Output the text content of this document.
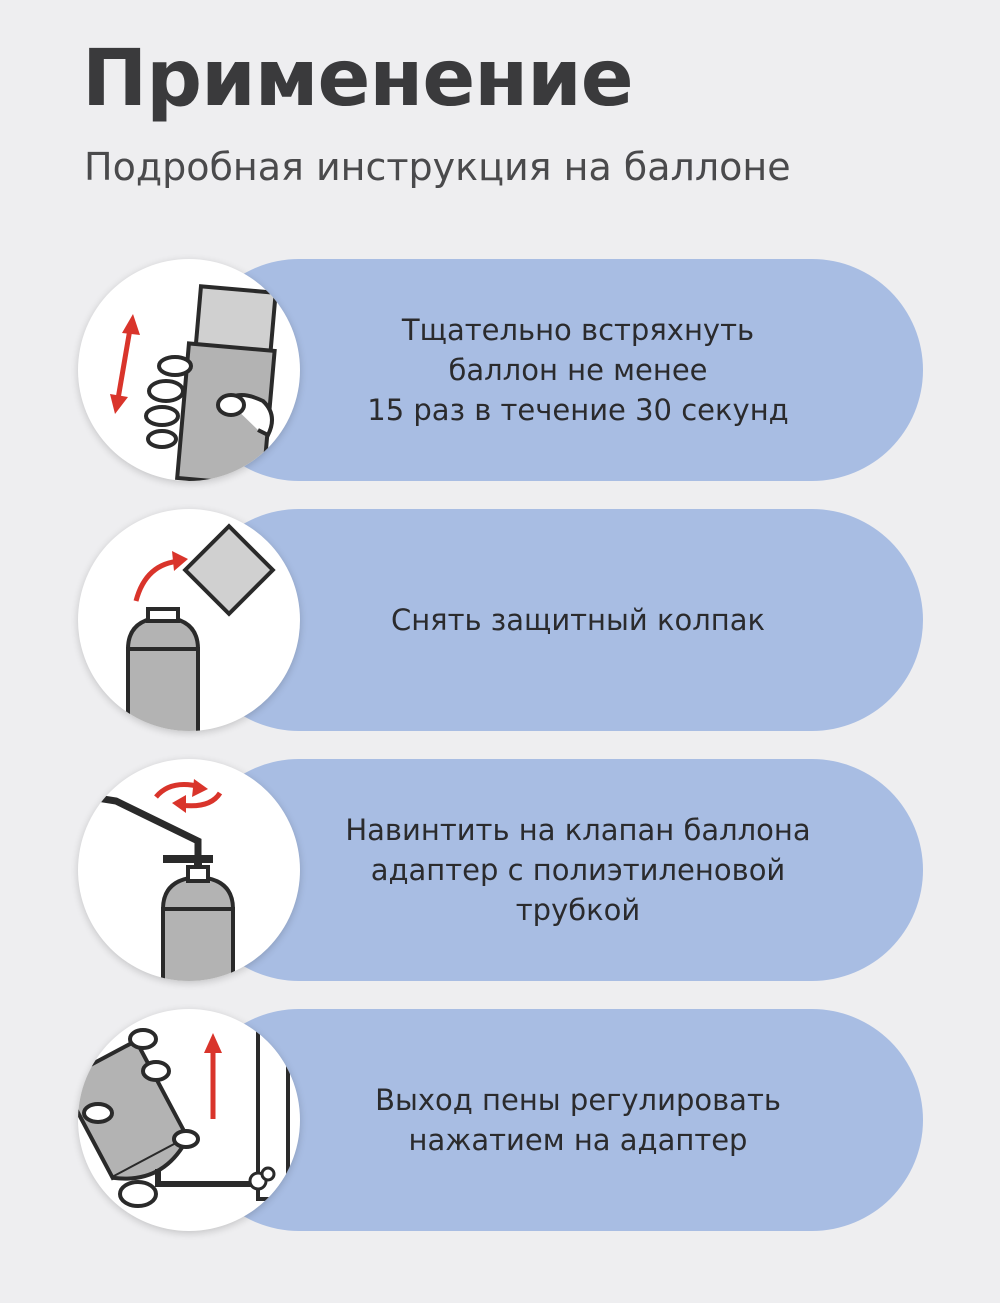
Применение

Подробная инструкция на баллоне

Тщательно встряхнуть
баллон не менее
15 раз в течение 30 секунд
Снять защитный колпак
Навинтить на клапан баллона
адаптер с полиэтиленовой
трубкой
Выход пены регулировать
нажатием на адаптер
